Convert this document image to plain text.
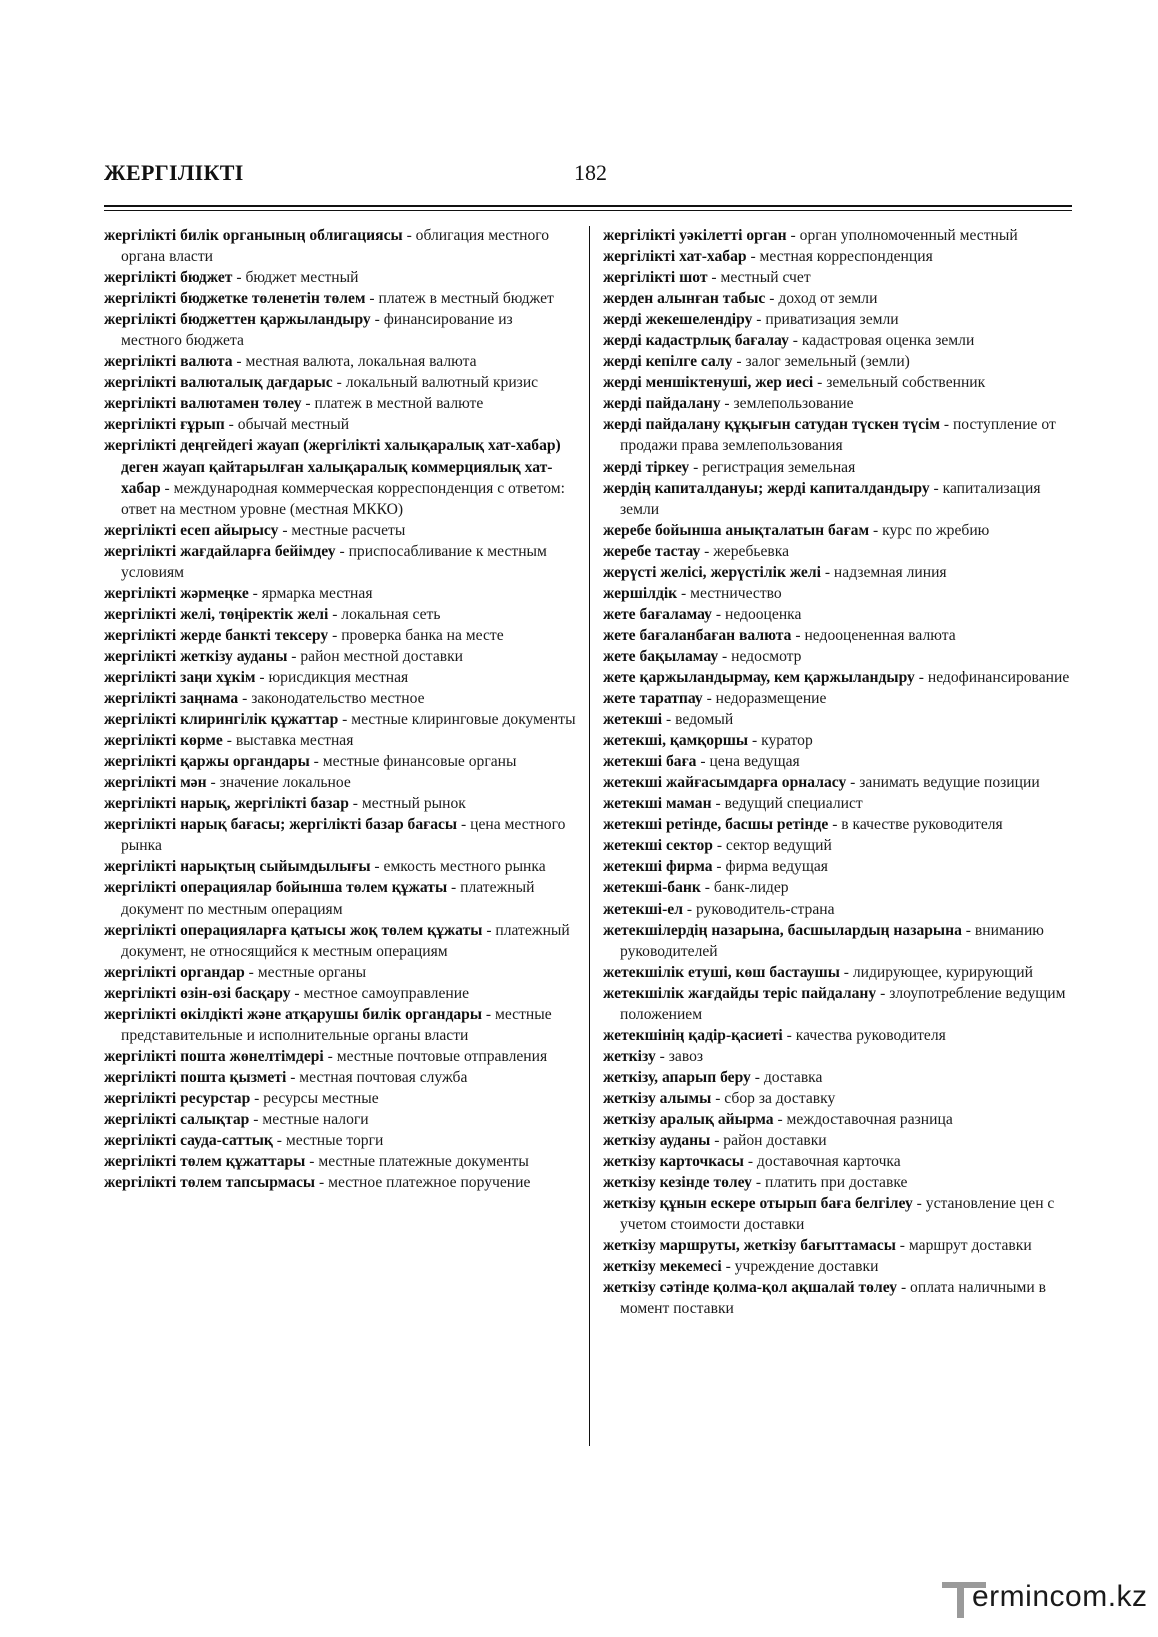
ЖЕРГІЛІКТІ	182
жергілікті билік органының облигациясы - облигация местного органа власти
жергілікті бюджет - бюджет местный
жергілікті бюджетке төленетін төлем - платеж в местный бюджет
жергілікті бюджеттен қаржыландыру - финансирование из местного бюджета
жергілікті валюта - местная валюта, локальная валюта
жергілікті валюталық дағдарыс - локальный валютный кризис
жергілікті валютамен төлеу - платеж в местной валюте
жергілікті ғұрып - обычай местный
жергілікті деңгейдегі жауап (жергілікті халықаралық хат-хабар) деген жауап қайтарылған халықаралық коммерциялық хат-хабар - международная коммерческая корреспонденция с ответом: ответ на местном уровне (местная МККО)
жергілікті есеп айырысу - местные расчеты
жергілікті жағдайларға бейімдеу - приспосабливание к местным условиям
жергілікті жәрмеңке - ярмарка местная
жергілікті желі, төңіректік желі - локальная сеть
жергілікті жерде банкті тексеру - проверка банка на месте
жергілікті жеткізу ауданы - район местной доставки
жергілікті заңи хұкім - юрисдикция местная
жергілікті заңнама - законодательство местное
жергілікті клирингілік құжаттар - местные клиринговые документы
жергілікті көрме - выставка местная
жергілікті қаржы органдары - местные финансовые органы
жергілікті мән - значение локальное
жергілікті нарық, жергілікті базар - местный рынок
жергілікті нарық бағасы; жергілікті базар бағасы - цена местного рынка
жергілікті нарықтың сыйымдылығы - емкость местного рынка
жергілікті операциялар бойынша төлем құжаты - платежный документ по местным операциям
жергілікті операцияларға қатысы жоқ төлем құжаты - платежный документ, не относящийся к местным операциям
жергілікті органдар - местные органы
жергілікті өзін-өзі басқару - местное самоуправление
жергілікті өкілдікті және атқарушы билік органдары - местные представительные и исполнительные органы власти
жергілікті пошта жөнелтімдері - местные почтовые отправления
жергілікті пошта қызметі - местная почтовая служба
жергілікті ресурстар - ресурсы местные
жергілікті салықтар - местные налоги
жергілікті сауда-саттық - местные торги
жергілікті төлем құжаттары - местные платежные документы
жергілікті төлем тапсырмасы - местное платежное поручение
жергілікті уәкілетті орган - орган уполномоченный местный
жергілікті хат-хабар - местная корреспонденция
жергілікті шот - местный счет
жерден алынған табыс - доход от земли
жерді жекешелендіру - приватизация земли
жерді кадастрлық бағалау - кадастровая оценка земли
жерді кепілге салу - залог земельный (земли)
жерді меншіктенуші, жер иесі - земельный собственник
жерді пайдалану - землепользование
жерді пайдалану құқығын сатудан түскен түсім - поступление от продажи права землепользования
жерді тіркеу - регистрация земельная
жердің капиталдануы; жерді капиталдандыру - капитализация земли
жеребе бойынша анықталатын бағам - курс по жребию
жеребе тастау - жеребьевка
жерүсті желісі, жерүстілік желі - надземная линия
жершілдік - местничество
жете бағаламау - недооценка
жете бағаланбаған валюта - недооцененная валюта
жете бақыламау - недосмотр
жете қаржыландырмау, кем қаржыландыру - недофинансирование
жете таратпау - недоразмещение
жетекші - ведомый
жетекші, қамқоршы - куратор
жетекші баға - цена ведущая
жетекші жайғасымдарға орналасу - занимать ведущие позиции
жетекші маман - ведущий специалист
жетекші ретінде, басшы ретінде - в качестве руководителя
жетекші сектор - сектор ведущий
жетекші фирма - фирма ведущая
жетекші-банк - банк-лидер
жетекші-ел - руководитель-страна
жетекшілердің назарына, басшылардың назарына - вниманию руководителей
жетекшілік етуші, көш бастаушы - лидирующее, курирующий
жетекшілік жағдайды теріс пайдалану - злоупотребление ведущим положением
жетекшінің қадір-қасиеті - качества руководителя
жеткізу - завоз
жеткізу, апарып беру - доставка
жеткізу алымы - сбор за доставку
жеткізу аралық айырма - междоставочная разница
жеткізу ауданы - район доставки
жеткізу карточкасы - доставочная карточка
жеткізу кезінде төлеу - платить при доставке
жеткізу құнын ескере отырып баға белгілеу - установление цен с учетом стоимости доставки
жеткізу маршруты, жеткізу бағыттамасы - маршрут доставки
жеткізу мекемесі - учреждение доставки
жеткізу сәтінде қолма-қол ақшалай төлеу - оплата наличными в момент поставки
ermincom.kz
